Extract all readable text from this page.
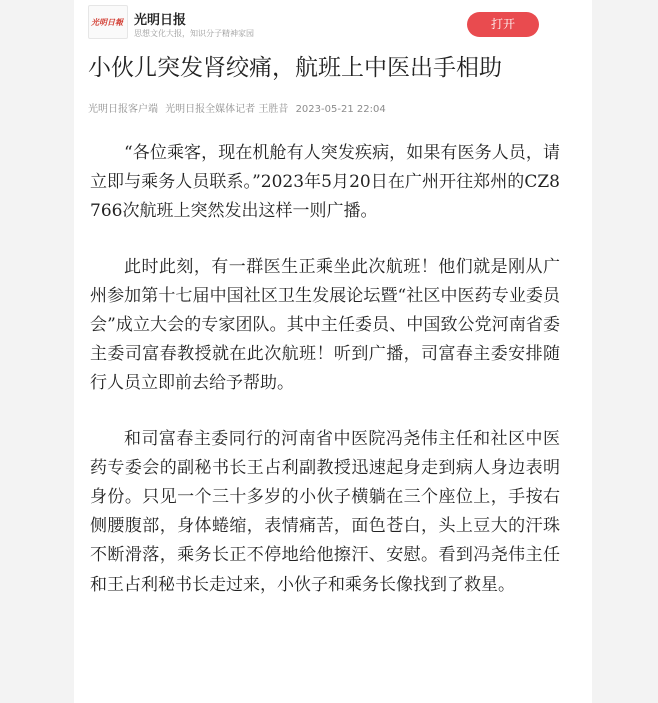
光明日報 光明日报
思想文化大报，知识分子精神家园
打开
小伙儿突发肾绞痛，航班上中医出手相助
光明日报客户端 光明日报全媒体记者 王胜昔 2023-05-21 22:04

“各位乘客，现在机舱有人突发疾病，如果有医务人员，请立即与乘务人员联系。”2023年5月20日在广州开往郑州的CZ8766次航班上突然发出这样一则广播。

此时此刻，有一群医生正乘坐此次航班！他们就是刚从广州参加第十七届中国社区卫生发展论坛暨“社区中医药专业委员会”成立大会的专家团队。其中主任委员、中国致公党河南省委主委司富春教授就在此次航班！听到广播，司富春主委安排随行人员立即前去给予帮助。

和司富春主委同行的河南省中医院冯尧伟主任和社区中医药专委会的副秘书长王占利副教授迅速起身走到病人身边表明身份。只见一个三十多岁的小伙子横躺在三个座位上，手按右侧腰腹部，身体蜷缩，表情痛苦，面色苍白，头上豆大的汗珠不断滑落，乘务长正不停地给他擦汗、安慰。看到冯尧伟主任和王占利秘书长走过来，小伙子和乘务长像找到了救星。
